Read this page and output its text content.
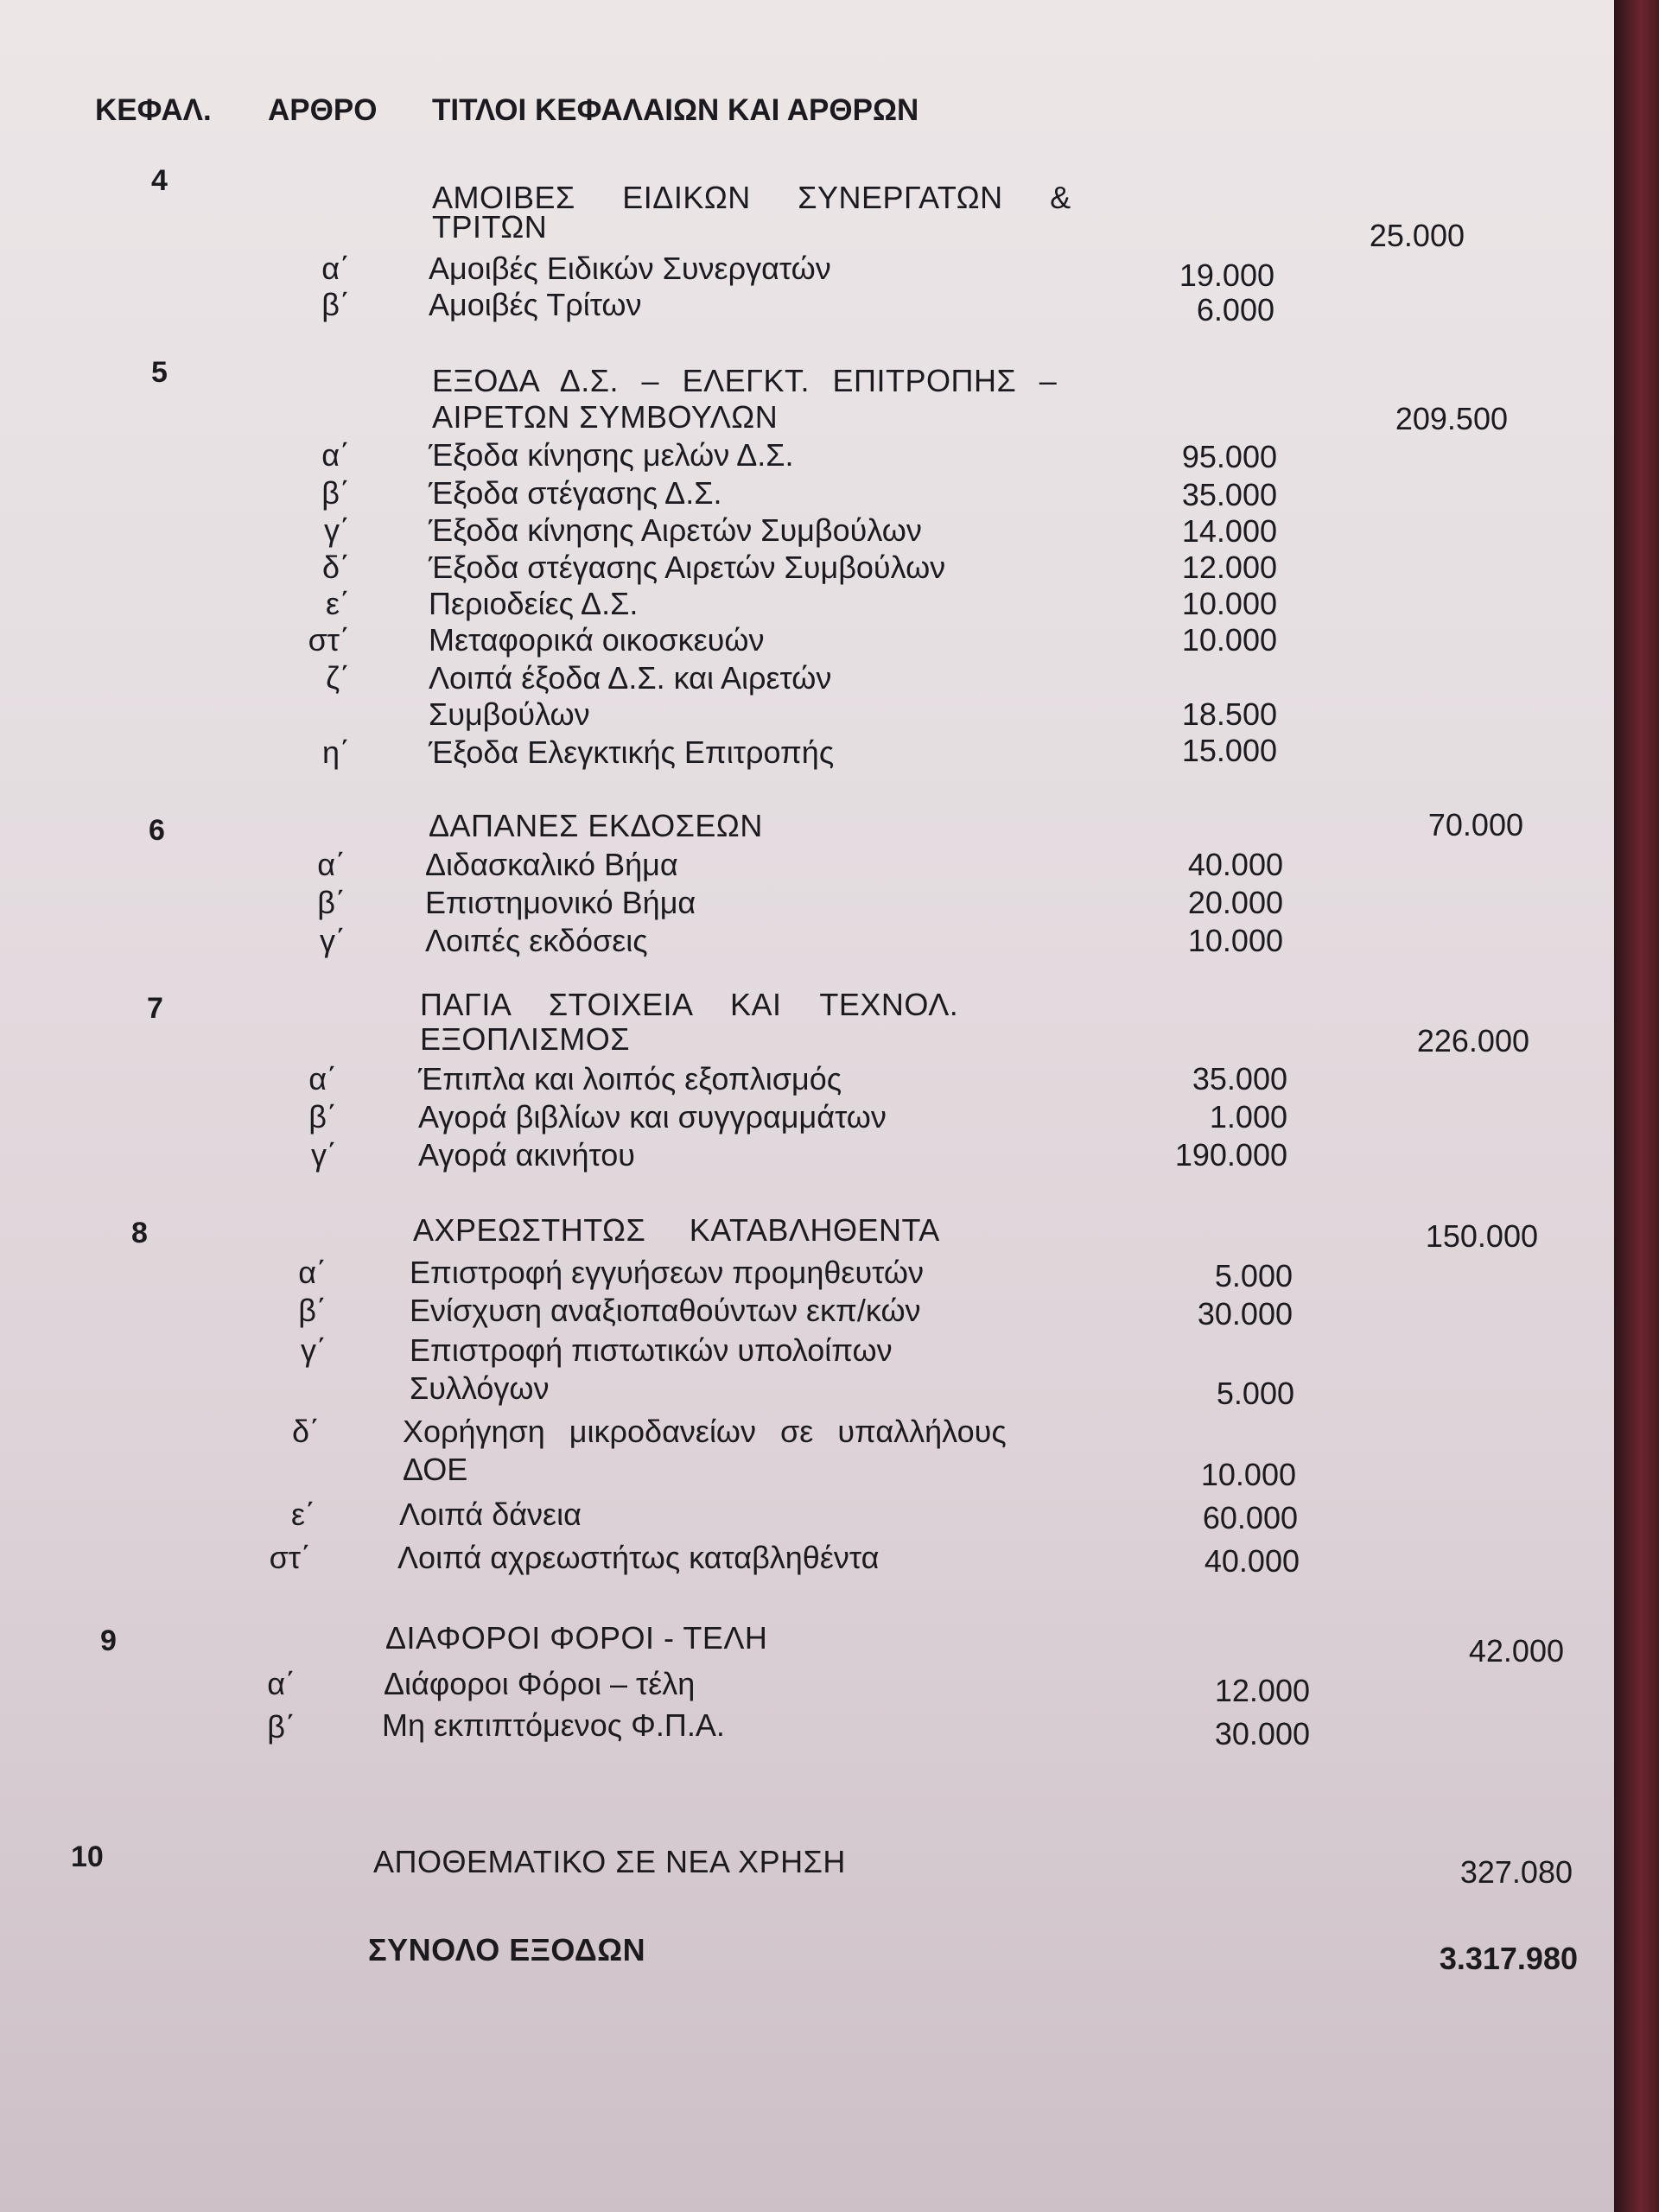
ΚΕΦΑΛ. ΑΡΘΡΟ ΤΙΤΛΟΙ ΚΕΦΑΛΑΙΩΝ ΚΑΙ ΑΡΘΡΩΝ
4	ΑΜΟΙΒΕΣ ΕΙΔΙΚΩΝ ΣΥΝΕΡΓΑΤΩΝ &
ΤΡΙΤΩΝ	25.000
α΄	Αμοιβές Ειδικών Συνεργατών	19.000
β΄	Αμοιβές Τρίτων	6.000
5	ΕΞΟΔΑ Δ.Σ. – ΕΛΕΓΚΤ. ΕΠΙΤΡΟΠΗΣ –
ΑΙΡΕΤΩΝ ΣΥΜΒΟΥΛΩΝ	209.500
α΄	Έξοδα κίνησης μελών Δ.Σ.	95.000
β΄	Έξοδα στέγασης Δ.Σ.	35.000
γ΄	Έξοδα κίνησης Αιρετών Συμβούλων	14.000
δ΄	Έξοδα στέγασης Αιρετών Συμβούλων	12.000
ε΄	Περιοδείες Δ.Σ.	10.000
στ΄	Μεταφορικά οικοσκευών	10.000
ζ΄	Λοιπά έξοδα Δ.Σ. και Αιρετών
Συμβούλων	18.500
η΄	Έξοδα Ελεγκτικής Επιτροπής	15.000
6	ΔΑΠΑΝΕΣ ΕΚΔΟΣΕΩΝ	70.000
α΄	Διδασκαλικό Βήμα	40.000
β΄	Επιστημονικό Βήμα	20.000
γ΄	Λοιπές εκδόσεις	10.000
7	ΠΑΓΙΑ ΣΤΟΙΧΕΙΑ ΚΑΙ ΤΕΧΝΟΛ.
ΕΞΟΠΛΙΣΜΟΣ	226.000
α΄	Έπιπλα και λοιπός εξοπλισμός	35.000
β΄	Αγορά βιβλίων και συγγραμμάτων	1.000
γ΄	Αγορά ακινήτου	190.000
8	ΑΧΡΕΩΣΤΗΤΩΣ ΚΑΤΑΒΛΗΘΕΝΤΑ	150.000
α΄	Επιστροφή εγγυήσεων προμηθευτών	5.000
β΄	Ενίσχυση αναξιοπαθούντων εκπ/κών	30.000
γ΄	Επιστροφή πιστωτικών υπολοίπων
Συλλόγων	5.000
δ΄	Χορήγηση μικροδανείων σε υπαλλήλους
ΔΟΕ	10.000
ε΄	Λοιπά δάνεια	60.000
στ΄	Λοιπά αχρεωστήτως καταβληθέντα	40.000
9	ΔΙΑΦΟΡΟΙ ΦΟΡΟΙ - ΤΕΛΗ	42.000
α΄	Διάφοροι Φόροι – τέλη	12.000
β΄	Μη εκπιπτόμενος Φ.Π.Α.	30.000
10	ΑΠΟΘΕΜΑΤΙΚΟ ΣΕ ΝΕΑ ΧΡΗΣΗ	327.080
ΣΥΝΟΛΟ ΕΞΟΔΩΝ	3.317.980
